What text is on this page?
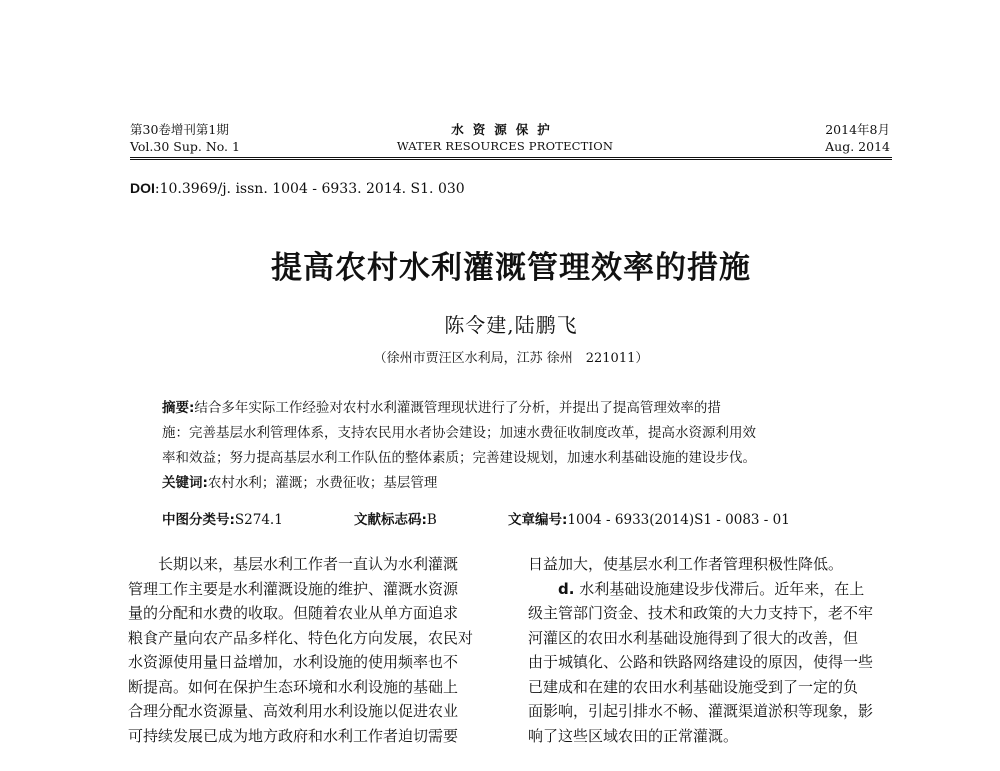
第30卷增刊第1期
Vol.30 Sup. No. 1
水资源保护
WATER RESOURCES PROTECTION
2014年8月
Aug. 2014
DOI:10.3969/j. issn. 1004 - 6933. 2014. S1. 030
提高农村水利灌溉管理效率的措施
陈令建,陆鹏飞
（徐州市贾汪区水利局，江苏 徐州　221011）
摘要:结合多年实际工作经验对农村水利灌溉管理现状进行了分析，并提出了提高管理效率的措
施：完善基层水利管理体系，支持农民用水者协会建设；加速水费征收制度改革，提高水资源利用效
率和效益；努力提高基层水利工作队伍的整体素质；完善建设规划，加速水利基础设施的建设步伐。
关键词:农村水利；灌溉；水费征收；基层管理
中图分类号:S274.1	文献标志码:B	文章编号:1004 - 6933(2014)S1 - 0083 - 01
　　长期以来，基层水利工作者一直认为水利灌溉
管理工作主要是水利灌溉设施的维护、灌溉水资源
量的分配和水费的收取。但随着农业从单方面追求
粮食产量向农产品多样化、特色化方向发展，农民对
水资源使用量日益增加，水利设施的使用频率也不
断提高。如何在保护生态环境和水利设施的基础上
合理分配水资源量、高效利用水利设施以促进农业
可持续发展已成为地方政府和水利工作者迫切需要
日益加大，使基层水利工作者管理积极性降低。
　　d. 水利基础设施建设步伐滞后。近年来，在上
级主管部门资金、技术和政策的大力支持下，老不牢
河灌区的农田水利基础设施得到了很大的改善，但
由于城镇化、公路和铁路网络建设的原因，使得一些
已建成和在建的农田水利基础设施受到了一定的负
面影响，引起引排水不畅、灌溉渠道淤积等现象，影
响了这些区域农田的正常灌溉。
